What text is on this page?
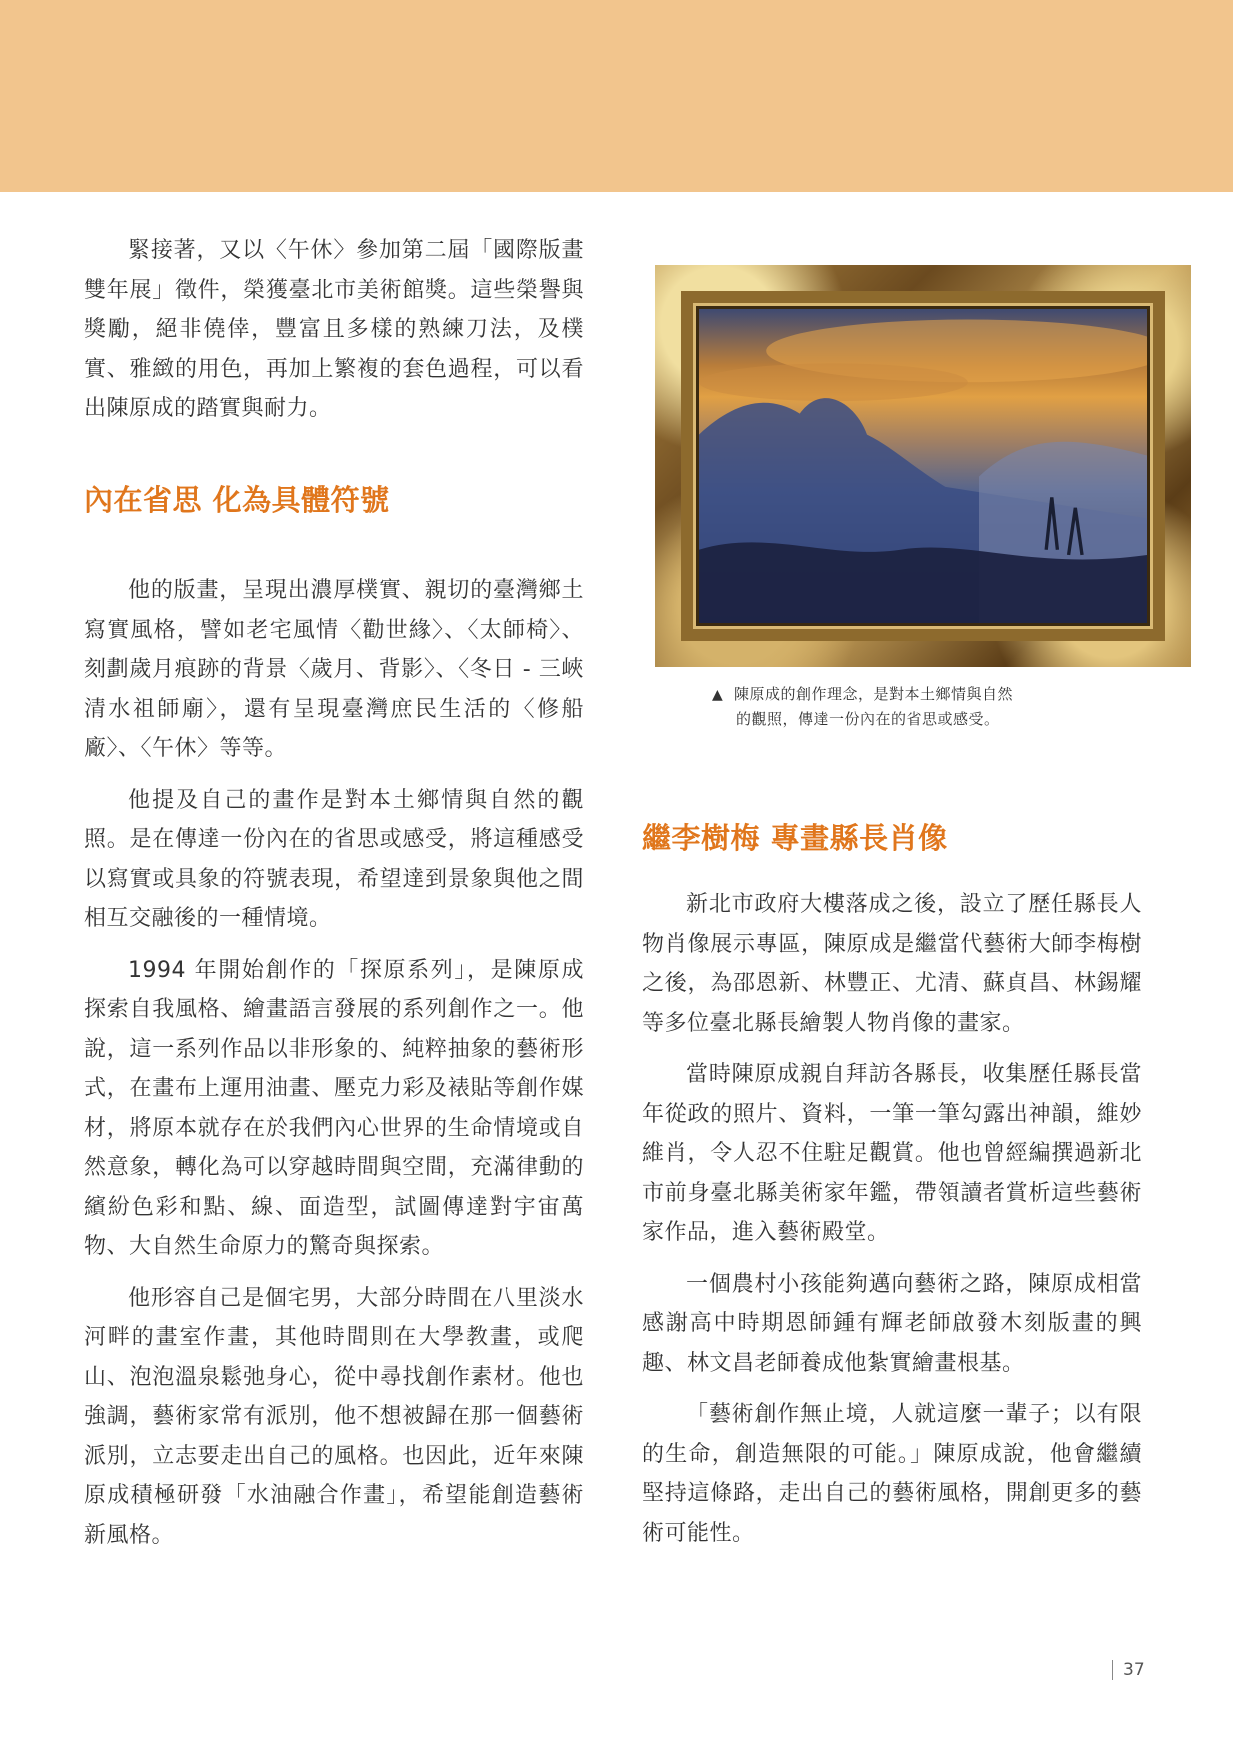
緊接著，又以〈午休〉參加第二屆「國際版畫雙年展」徵件，榮獲臺北市美術館獎。這些榮譽與獎勵，絕非僥倖，豐富且多樣的熟練刀法，及樸實、雅緻的用色，再加上繁複的套色過程，可以看出陳原成的踏實與耐力。

內在省思 化為具體符號

他的版畫，呈現出濃厚樸實、親切的臺灣鄉土寫實風格，譬如老宅風情〈勸世緣〉、〈太師椅〉、刻劃歲月痕跡的背景〈歲月、背影〉、〈冬日 - 三峽清水祖師廟〉，還有呈現臺灣庶民生活的〈修船廠〉、〈午休〉等等。

他提及自己的畫作是對本土鄉情與自然的觀照。是在傳達一份內在的省思或感受，將這種感受以寫實或具象的符號表現，希望達到景象與他之間相互交融後的一種情境。

1994 年開始創作的「探原系列」，是陳原成探索自我風格、繪畫語言發展的系列創作之一。他說，這一系列作品以非形象的、純粹抽象的藝術形式，在畫布上運用油畫、壓克力彩及裱貼等創作媒材，將原本就存在於我們內心世界的生命情境或自然意象，轉化為可以穿越時間與空間，充滿律動的繽紛色彩和點、線、面造型，試圖傳達對宇宙萬物、大自然生命原力的驚奇與探索。

他形容自己是個宅男，大部分時間在八里淡水河畔的畫室作畫，其他時間則在大學教畫，或爬山、泡泡溫泉鬆弛身心，從中尋找創作素材。他也強調，藝術家常有派別，他不想被歸在那一個藝術派別，立志要走出自己的風格。也因此，近年來陳原成積極研發「水油融合作畫」，希望能創造藝術新風格。

▲ 陳原成的創作理念，是對本土鄉情與自然
的觀照，傳達一份內在的省思或感受。
繼李樹梅 專畫縣長肖像

新北市政府大樓落成之後，設立了歷任縣長人物肖像展示專區，陳原成是繼當代藝術大師李梅樹之後，為邵恩新、林豐正、尤清、蘇貞昌、林錫耀等多位臺北縣長繪製人物肖像的畫家。

當時陳原成親自拜訪各縣長，收集歷任縣長當年從政的照片、資料，一筆一筆勾露出神韻，維妙維肖，令人忍不住駐足觀賞。他也曾經編撰過新北市前身臺北縣美術家年鑑，帶領讀者賞析這些藝術家作品，進入藝術殿堂。

一個農村小孩能夠邁向藝術之路，陳原成相當感謝高中時期恩師鍾有輝老師啟發木刻版畫的興趣、林文昌老師養成他紮實繪畫根基。

「藝術創作無止境，人就這麼一輩子；以有限的生命，創造無限的可能。」陳原成說，他會繼續堅持這條路，走出自己的藝術風格，開創更多的藝術可能性。

37
